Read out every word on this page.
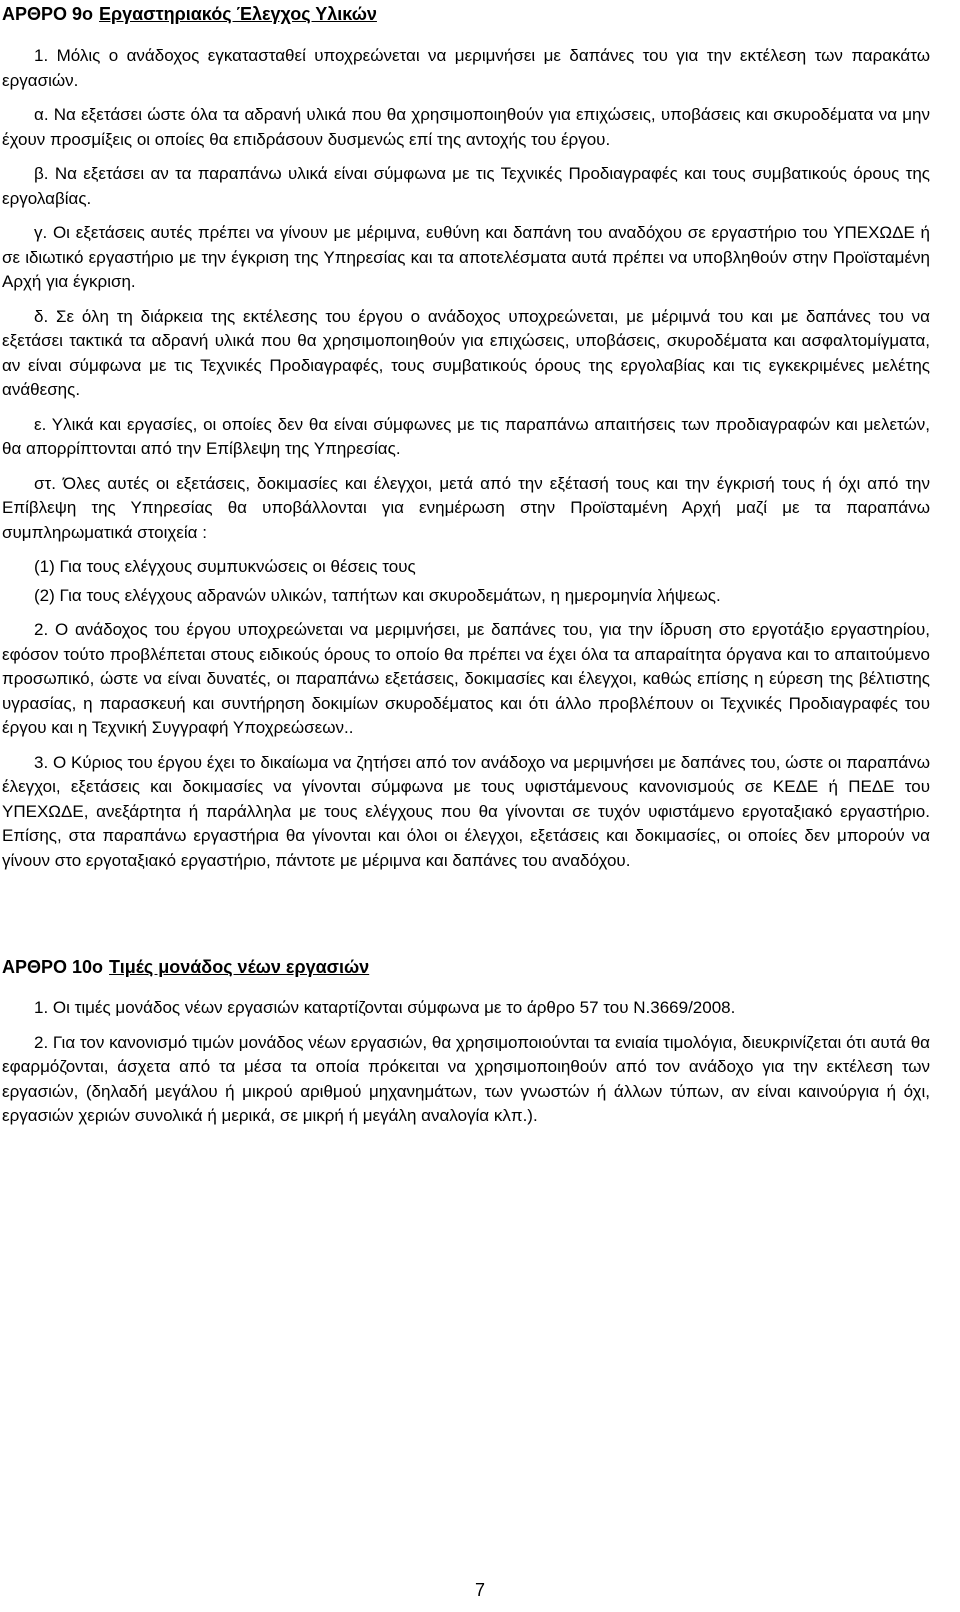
ΑΡΘΡΟ 9ο Εργαστηριακός Έλεγχος Υλικών

1. Μόλις ο ανάδοχος εγκατασταθεί υποχρεώνεται να μεριμνήσει με δαπάνες του για την εκτέλεση των παρακάτω εργασιών.

α. Να εξετάσει ώστε όλα τα αδρανή υλικά που θα χρησιμοποιηθούν για επιχώσεις, υποβάσεις και σκυροδέματα να μην έχουν προσμίξεις οι οποίες θα επιδράσουν δυσμενώς επί της αντοχής του έργου.

β. Να εξετάσει αν τα παραπάνω υλικά είναι σύμφωνα με τις Τεχνικές Προδιαγραφές και τους συμβατικούς όρους της εργολαβίας.

γ. Οι εξετάσεις αυτές πρέπει να γίνουν με μέριμνα, ευθύνη και δαπάνη του αναδόχου σε εργαστήριο του ΥΠΕΧΩΔΕ ή σε ιδιωτικό εργαστήριο με την έγκριση της Υπηρεσίας και τα αποτελέσματα αυτά πρέπει να υποβληθούν στην Προϊσταμένη Αρχή για έγκριση.

δ. Σε όλη τη διάρκεια της εκτέλεσης του έργου ο ανάδοχος υποχρεώνεται, με μέριμνά του και με δαπάνες του να εξετάσει τακτικά τα αδρανή υλικά που θα χρησιμοποιηθούν για επιχώσεις, υποβάσεις, σκυροδέματα και ασφαλτομίγματα, αν είναι σύμφωνα με τις Τεχνικές Προδιαγραφές, τους συμβατικούς όρους της εργολαβίας και τις εγκεκριμένες μελέτης ανάθεσης.

ε. Υλικά και εργασίες, οι οποίες δεν θα είναι σύμφωνες με τις παραπάνω απαιτήσεις των προδιαγραφών και μελετών, θα απορρίπτονται από την Επίβλεψη της Υπηρεσίας.

στ. Όλες αυτές οι εξετάσεις, δοκιμασίες και έλεγχοι, μετά από την εξέτασή τους και την έγκρισή τους ή όχι από την Επίβλεψη της Υπηρεσίας θα υποβάλλονται για ενημέρωση στην Προϊσταμένη Αρχή μαζί με τα παραπάνω συμπληρωματικά στοιχεία :

(1) Για τους ελέγχους συμπυκνώσεις οι θέσεις τους

(2) Για τους ελέγχους αδρανών υλικών, ταπήτων και σκυροδεμάτων, η ημερομηνία λήψεως.

2. Ο ανάδοχος του έργου υποχρεώνεται να μεριμνήσει, με δαπάνες του, για την ίδρυση στο εργοτάξιο εργαστηρίου, εφόσον τούτο προβλέπεται στους ειδικούς όρους το οποίο θα πρέπει να έχει όλα τα απαραίτητα όργανα και το απαιτούμενο προσωπικό, ώστε να είναι δυνατές, οι παραπάνω εξετάσεις, δοκιμασίες και έλεγχοι, καθώς επίσης η εύρεση της βέλτιστης υγρασίας, η παρασκευή και συντήρηση δοκιμίων σκυροδέματος και ότι άλλο προβλέπουν οι Τεχνικές Προδιαγραφές του έργου και η Τεχνική Συγγραφή Υποχρεώσεων..

3. Ο Κύριος του έργου έχει το δικαίωμα να ζητήσει από τον ανάδοχο να μεριμνήσει με δαπάνες του, ώστε οι παραπάνω έλεγχοι, εξετάσεις και δοκιμασίες να γίνονται σύμφωνα με τους υφιστάμενους κανονισμούς σε ΚΕΔΕ ή ΠΕΔΕ του ΥΠΕΧΩΔΕ, ανεξάρτητα ή παράλληλα με τους ελέγχους που θα γίνονται σε τυχόν υφιστάμενο εργοταξιακό εργαστήριο. Επίσης, στα παραπάνω εργαστήρια θα γίνονται και όλοι οι έλεγχοι, εξετάσεις και δοκιμασίες, οι οποίες δεν μπορούν να γίνουν στο εργοταξιακό εργαστήριο, πάντοτε με μέριμνα και δαπάνες του αναδόχου.

ΑΡΘΡΟ 10ο Τιμές μονάδος νέων εργασιών

1. Οι τιμές μονάδος νέων εργασιών καταρτίζονται σύμφωνα με το άρθρο 57 του Ν.3669/2008.

2. Για τον κανονισμό τιμών μονάδος νέων εργασιών, θα χρησιμοποιούνται τα ενιαία τιμολόγια, διευκρινίζεται ότι αυτά θα εφαρμόζονται, άσχετα από τα μέσα τα οποία πρόκειται να χρησιμοποιηθούν από τον ανάδοχο για την εκτέλεση των εργασιών, (δηλαδή μεγάλου ή μικρού αριθμού μηχανημάτων, των γνωστών ή άλλων τύπων, αν είναι καινούργια ή όχι, εργασιών χεριών συνολικά ή μερικά, σε μικρή ή μεγάλη αναλογία κλπ.).

7
